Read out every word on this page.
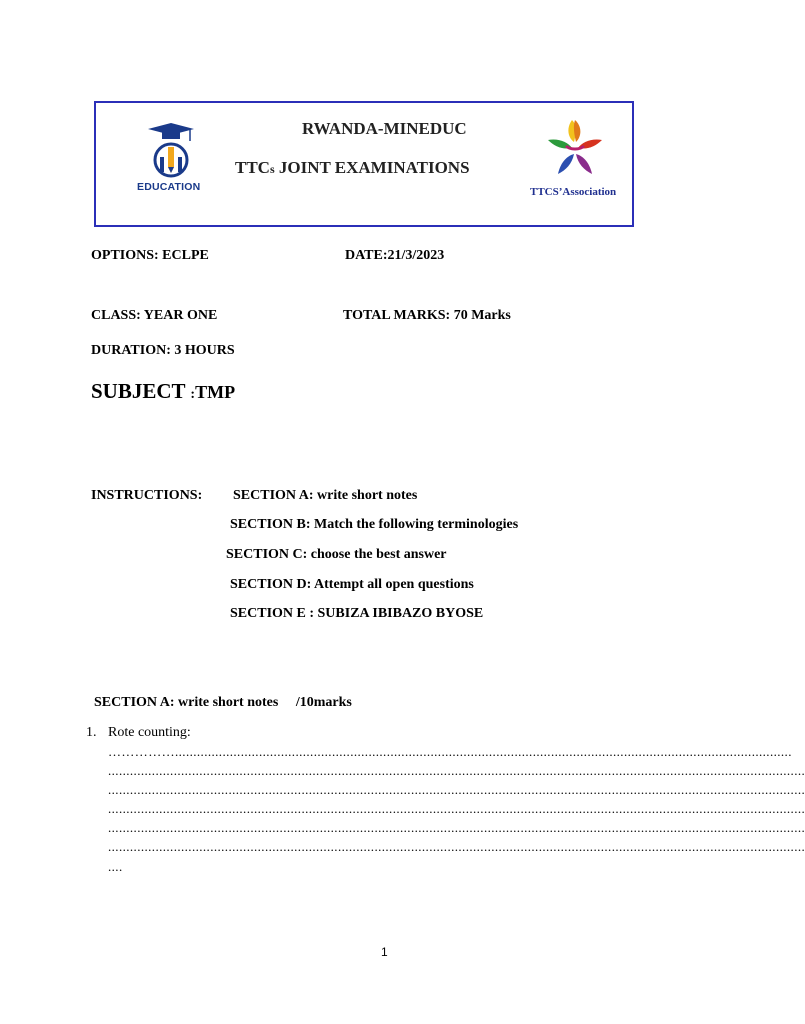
EDUCATION
RWANDA-MINEDUC
TTCs JOINT EXAMINATIONS
TTCS’Association
OPTIONS: ECLPE	DATE:21/3/2023
CLASS: YEAR ONE	TOTAL MARKS: 70 Marks
DURATION: 3 HOURS
SUBJECT :TMP
INSTRUCTIONS: SECTION A: write short notes
SECTION B: Match the following terminologies
SECTION C: choose the best answer
SECTION D: Attempt all open questions
SECTION E : SUBIZA IBIBAZO BYOSE
SECTION A: write short notes     /10marks
1. Rote counting:
…………….........................................................................................................................................................................
...............................................................................................................................................................................................
...............................................................................................................................................................................................
...............................................................................................................................................................................................
...............................................................................................................................................................................................
...............................................................................................................................................................................................
....
1
